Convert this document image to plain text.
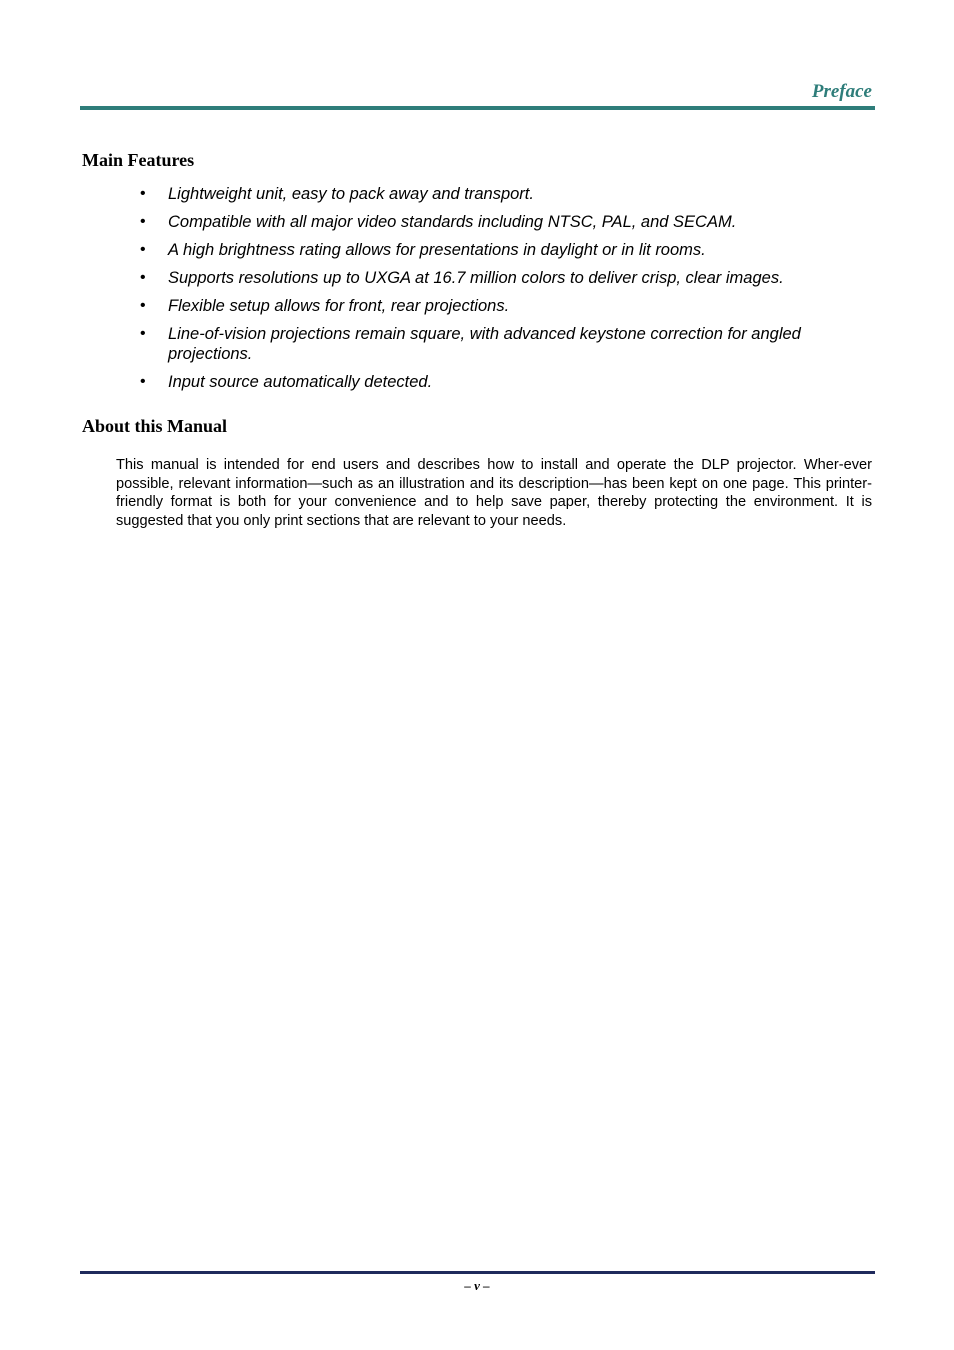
Preface
Main Features
• Lightweight unit, easy to pack away and transport.
• Compatible with all major video standards including NTSC, PAL, and SECAM.
• A high brightness rating allows for presentations in daylight or in lit rooms.
• Supports resolutions up to UXGA at 16.7 million colors to deliver crisp, clear images.
• Flexible setup allows for front, rear projections.
• Line-of-vision projections remain square, with advanced keystone correction for angled projections.
• Input source automatically detected.
About this Manual

This manual is intended for end users and describes how to install and operate the DLP projector. Wher-ever possible, relevant information—such as an illustration and its description—has been kept on one page. This printer-friendly format is both for your convenience and to help save paper, thereby protecting the environment. It is suggested that you only print sections that are relevant to your needs.

– v –
